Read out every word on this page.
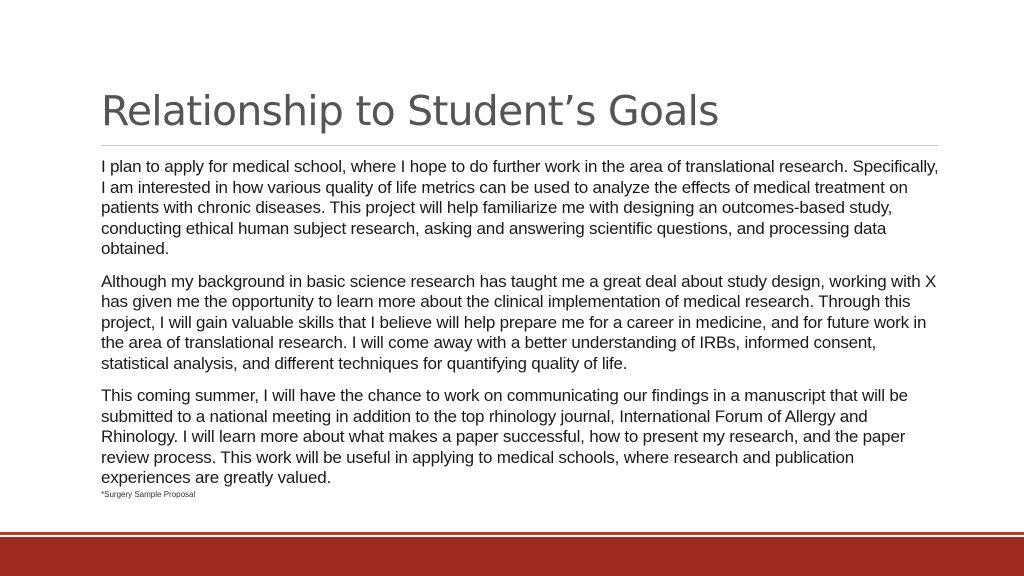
Relationship to Student’s Goals

I plan to apply for medical school, where I hope to do further work in the area of translational research. Specifically, I am interested in how various quality of life metrics can be used to analyze the effects of medical treatment on patients with chronic diseases. This project will help familiarize me with designing an outcomes-based study, conducting ethical human subject research, asking and answering scientific questions, and processing data obtained.

Although my background in basic science research has taught me a great deal about study design, working with X has given me the opportunity to learn more about the clinical implementation of medical research. Through this project, I will gain valuable skills that I believe will help prepare me for a career in medicine, and for future work in the area of translational research. I will come away with a better understanding of IRBs, informed consent, statistical analysis, and different techniques for quantifying quality of life.

This coming summer, I will have the chance to work on communicating our findings in a manuscript that will be submitted to a national meeting in addition to the top rhinology journal, International Forum of Allergy and Rhinology. I will learn more about what makes a paper successful, how to present my research, and the paper review process. This work will be useful in applying to medical schools, where research and publication experiences are greatly valued.

*Surgery Sample Proposal
